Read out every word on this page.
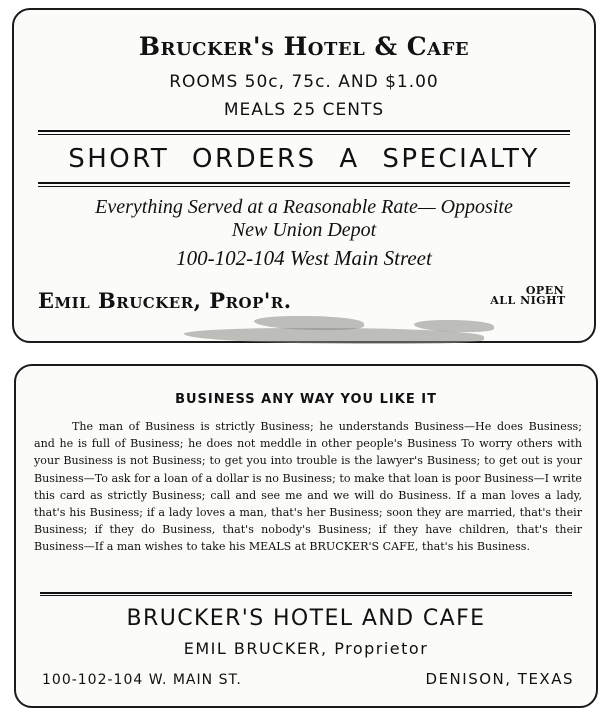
Brucker's Hotel & Cafe
ROOMS 50c, 75c. AND $1.00
MEALS 25 CENTS
SHORT ORDERS A SPECIALTY
Everything Served at a Reasonable Rate— Opposite
New Union Depot
100-102-104 West Main Street
Emil Brucker, Prop'r.	OPEN
ALL NIGHT
BUSINESS ANY WAY YOU LIKE IT

The man of Business is strictly Business; he understands Business—He does Business; and he is full of Business; he does not meddle in other people's Business To worry others with your Business is not Business; to get you into trouble is the lawyer's Business; to get out is your Business—To ask for a loan of a dollar is no Business; to make that loan is poor Business—I write this card as strictly Business; call and see me and we will do Business. If a man loves a lady, that's his Business; if a lady loves a man, that's her Business; soon they are married, that's their Business; if they do Business, that's nobody's Business; if they have children, that's their Business—If a man wishes to take his MEALS at BRUCKER'S CAFE, that's his Business.

BRUCKER'S HOTEL AND CAFE
EMIL BRUCKER, Proprietor
100-102-104 W. MAIN ST.	DENISON, TEXAS
